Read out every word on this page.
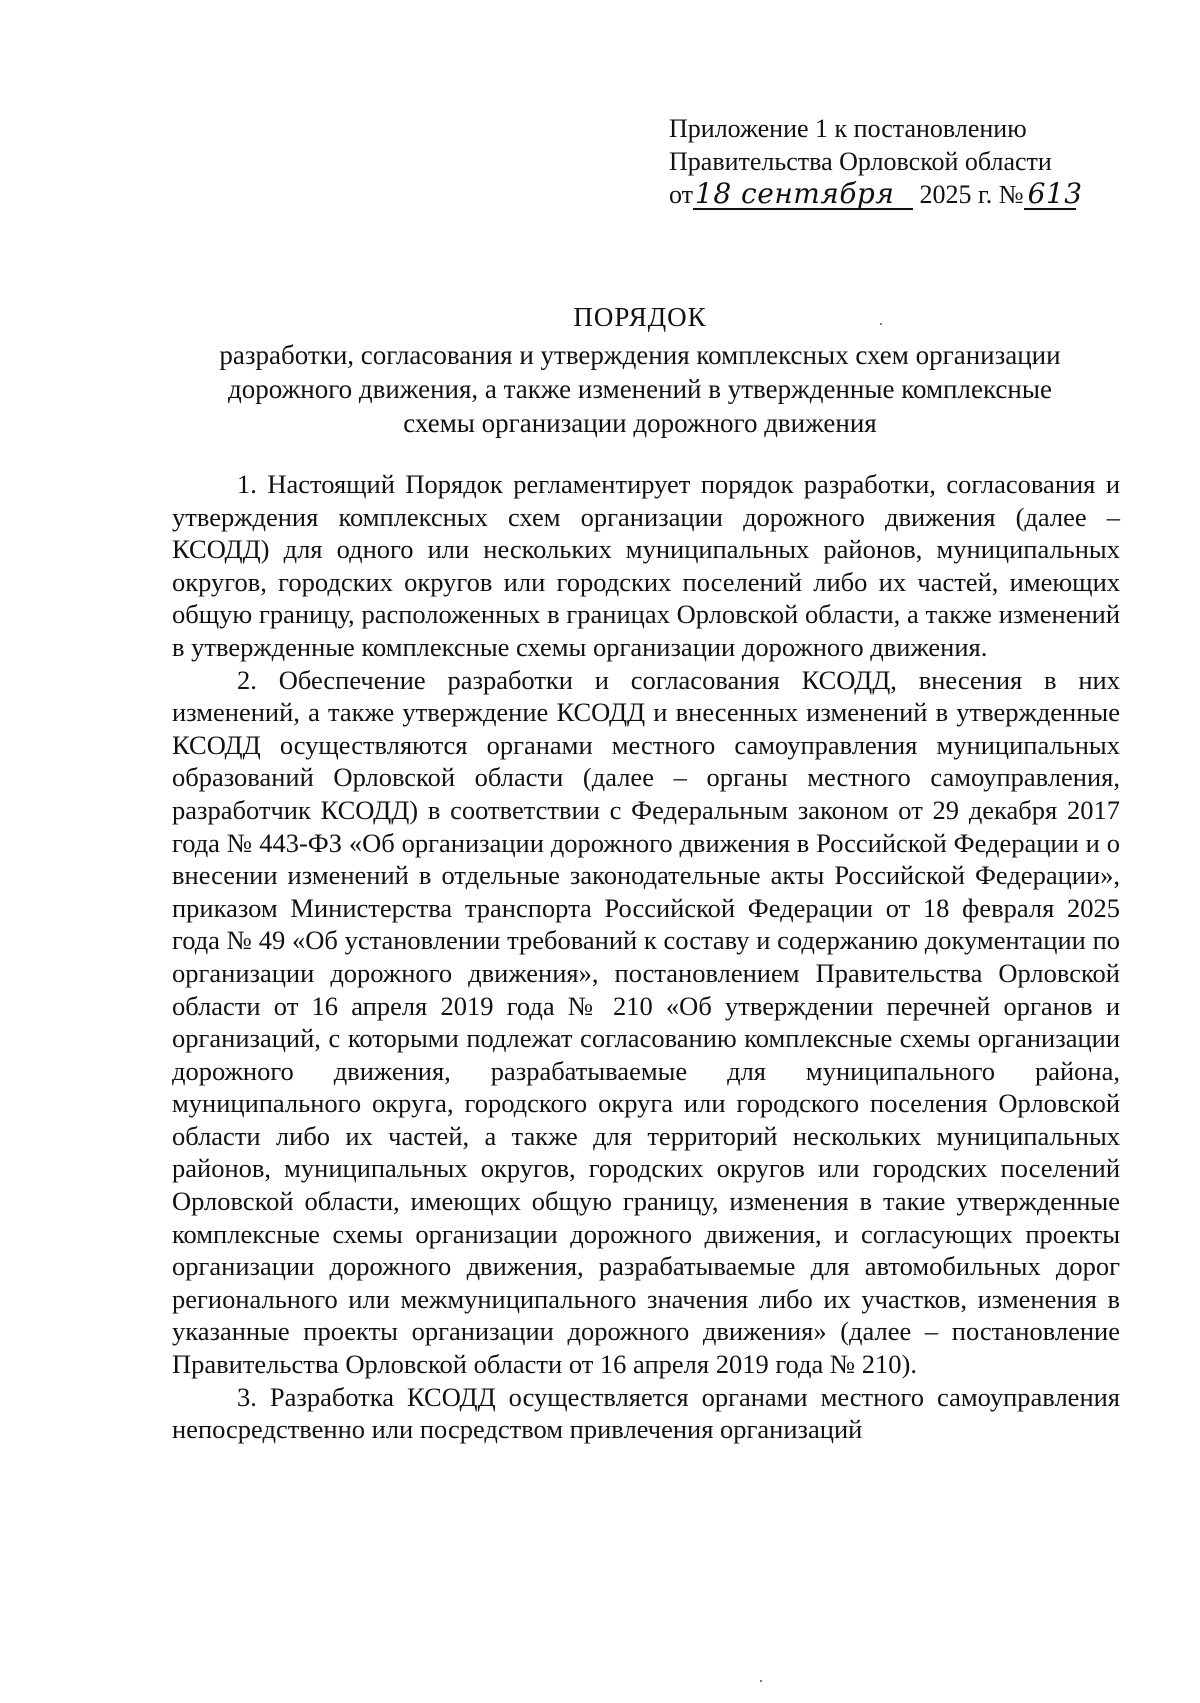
Приложение 1 к постановлению
Правительства Орловской области
от18 сентября 2025 г. № 613
ПОРЯДОК
разработки, согласования и утверждения комплексных схем организации
дорожного движения, а также изменений в утвержденные комплексные
схемы организации дорожного движения

1. Настоящий Порядок регламентирует порядок разработки, согласования и утверждения комплексных схем организации дорожного движения (далее – КСОДД) для одного или нескольких муниципальных районов, муниципальных округов, городских округов или городских поселений либо их частей, имеющих общую границу, расположенных в границах Орловской области, а также изменений в утвержденные комплексные схемы организации дорожного движения.

2. Обеспечение разработки и согласования КСОДД, внесения в них изменений, а также утверждение КСОДД и внесенных изменений в утвержденные КСОДД осуществляются органами местного самоуправления муниципальных образований Орловской области (далее – органы местного самоуправления, разработчик КСОДД) в соответствии с Федеральным законом от 29 декабря 2017 года № 443-ФЗ «Об организации дорожного движения в Российской Федерации и о внесении изменений в отдельные законодательные акты Российской Федерации», приказом Министерства транспорта Российской Федерации от 18 февраля 2025 года № 49 «Об установлении требований к составу и содержанию документации по организации дорожного движения», постановлением Правительства Орловской области от 16 апреля 2019 года № 210 «Об утверждении перечней органов и организаций, с которыми подлежат согласованию комплексные схемы организации дорожного движения, разрабатываемые для муниципального района, муниципального округа, городского округа или городского поселения Орловской области либо их частей, а также для территорий нескольких муниципальных районов, муниципальных округов, городских округов или городских поселений Орловской области, имеющих общую границу, изменения в такие утвержденные комплексные схемы организации дорожного движения, и согласующих проекты организации дорожного движения, разрабатываемые для автомобильных дорог регионального или межмуниципального значения либо их участков, изменения в указанные проекты организации дорожного движения» (далее – постановление Правительства Орловской области от 16 апреля 2019 года № 210).

3. Разработка КСОДД осуществляется органами местного самоуправления непосредственно или посредством привлечения организаций
